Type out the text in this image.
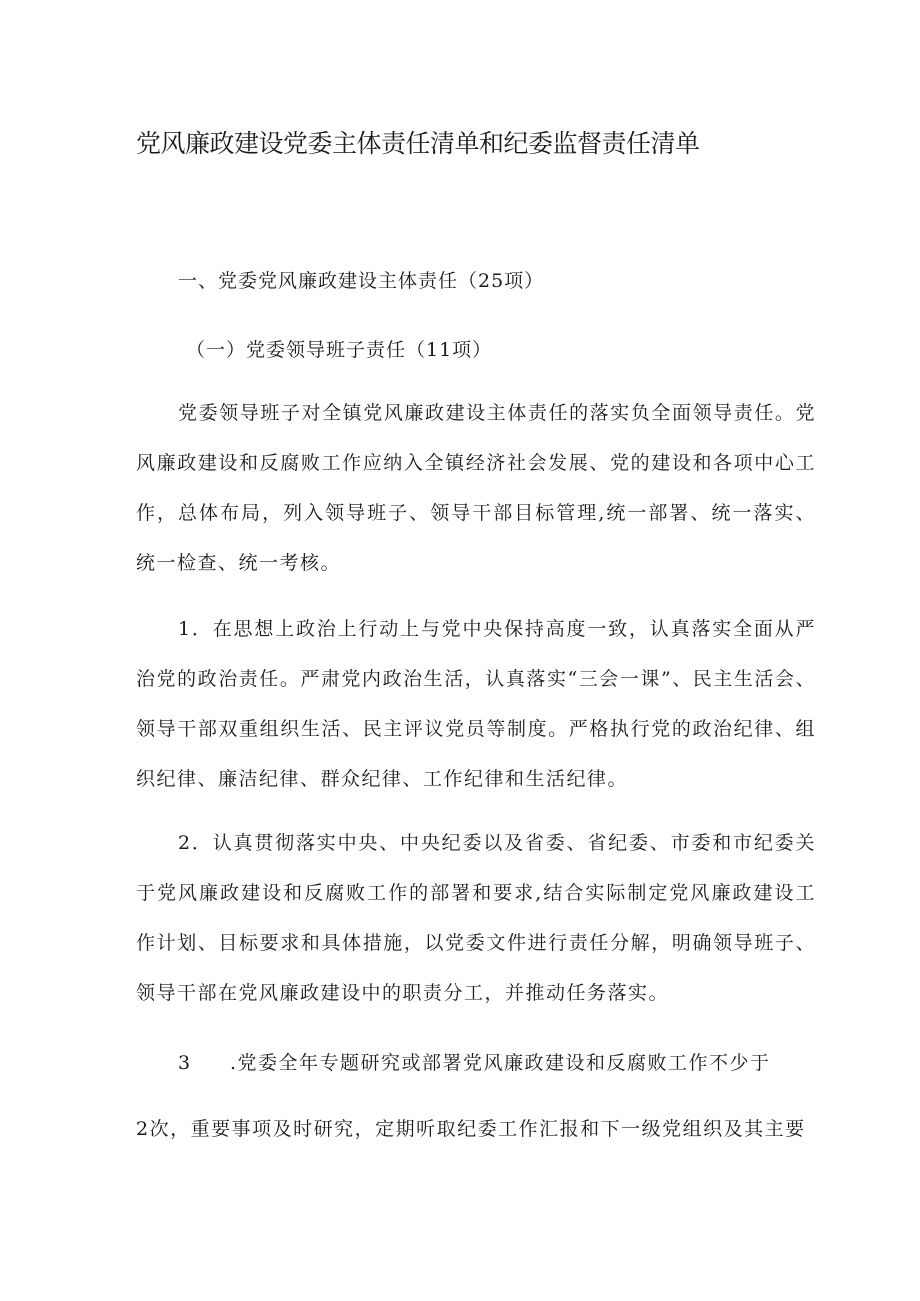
党风廉政建设党委主体责任清单和纪委监督责任清单
一、党委党风廉政建设主体责任（25项）
（一）党委领导班子责任（11项）

党委领导班子对全镇党风廉政建设主体责任的落实负全面领导责任。党风廉政建设和反腐败工作应纳入全镇经济社会发展、党的建设和各项中心工作，总体布局，列入领导班子、领导干部目标管理,统一部署、统一落实、统一检查、统一考核。

1．在思想上政治上行动上与党中央保持高度一致，认真落实全面从严治党的政治责任。严肃党内政治生活，认真落实“三会一课”、民主生活会、领导干部双重组织生活、民主评议党员等制度。严格执行党的政治纪律、组织纪律、廉洁纪律、群众纪律、工作纪律和生活纪律。

2．认真贯彻落实中央、中央纪委以及省委、省纪委、市委和市纪委关于党风廉政建设和反腐败工作的部署和要求,结合实际制定党风廉政建设工作计划、目标要求和具体措施，以党委文件进行责任分解，明确领导班子、领导干部在党风廉政建设中的职责分工，并推动任务落实。

3 .党委全年专题研究或部署党风廉政建设和反腐败工作不少于
2次，重要事项及时研究，定期听取纪委工作汇报和下一级党组织及其主要
